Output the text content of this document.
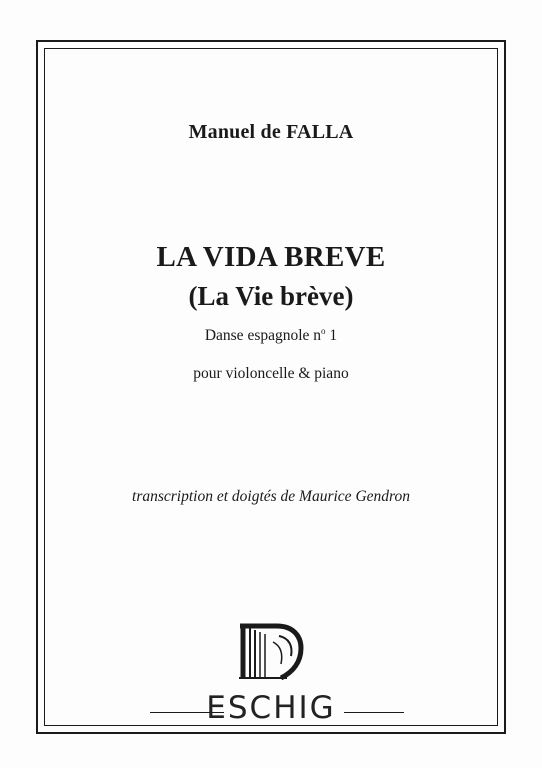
Manuel de FALLA
LA VIDA BREVE
(La Vie brève)
Danse espagnole $n^o$ 1
pour violoncelle & piano
transcription et doigtés de Maurice Gendron
ESCHIG
